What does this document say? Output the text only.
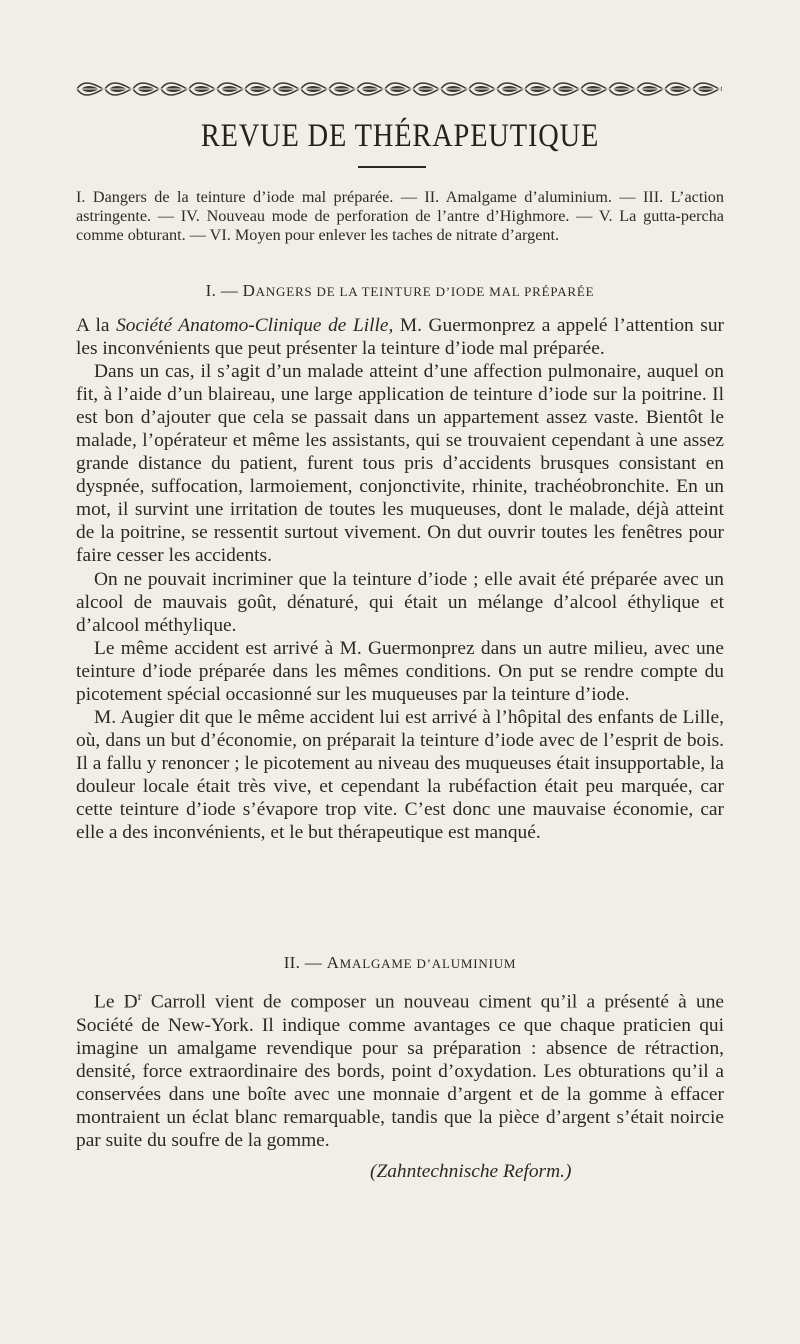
REVUE DE THÉRAPEUTIQUE
I. Dangers de la teinture d’iode mal préparée. — II. Amalgame d’aluminium. — III. L’action astringente. — IV. Nouveau mode de perforation de l’antre d’Highmore. — V. La gutta-percha comme obturant. — VI. Moyen pour enlever les taches de nitrate d’argent.
I. — DANGERS DE LA TEINTURE D’IODE MAL PRÉPARÉE

A la Société Anatomo-Clinique de Lille, M. Guermonprez a appelé l’attention sur les inconvénients que peut présenter la teinture d’iode mal préparée.

Dans un cas, il s’agit d’un malade atteint d’une affection pulmonaire, auquel on fit, à l’aide d’un blaireau, une large application de teinture d’iode sur la poitrine. Il est bon d’ajouter que cela se passait dans un appartement assez vaste. Bientôt le malade, l’opérateur et même les assistants, qui se trouvaient cependant à une assez grande distance du patient, furent tous pris d’accidents brusques consistant en dyspnée, suffocation, larmoiement, conjonctivite, rhinite, trachéobronchite. En un mot, il survint une irritation de toutes les muqueuses, dont le malade, déjà atteint de la poitrine, se ressentit surtout vivement. On dut ouvrir toutes les fenêtres pour faire cesser les accidents.

On ne pouvait incriminer que la teinture d’iode ; elle avait été préparée avec un alcool de mauvais goût, dénaturé, qui était un mélange d’alcool éthylique et d’alcool méthylique.

Le même accident est arrivé à M. Guermonprez dans un autre milieu, avec une teinture d’iode préparée dans les mêmes conditions. On put se rendre compte du picotement spécial occasionné sur les muqueuses par la teinture d’iode.

M. Augier dit que le même accident lui est arrivé à l’hôpital des enfants de Lille, où, dans un but d’économie, on préparait la teinture d’iode avec de l’esprit de bois. Il a fallu y renoncer ; le picotement au niveau des muqueuses était insupportable, la douleur locale était très vive, et cependant la rubéfaction était peu marquée, car cette teinture d’iode s’évapore trop vite. C’est donc une mauvaise économie, car elle a des inconvénients, et le but thérapeutique est manqué.

II. — AMALGAME D’ALUMINIUM

Le $D^r$ Carroll vient de composer un nouveau ciment qu’il a présenté à une Société de New-York. Il indique comme avantages ce que chaque praticien qui imagine un amalgame revendique pour sa préparation : absence de rétraction, densité, force extraordinaire des bords, point d’oxydation. Les obturations qu’il a conservées dans une boîte avec une monnaie d’argent et de la gomme à effacer montraient un éclat blanc remarquable, tandis que la pièce d’argent s’était noircie par suite du soufre de la gomme.

(Zahntechnische Reform.)
